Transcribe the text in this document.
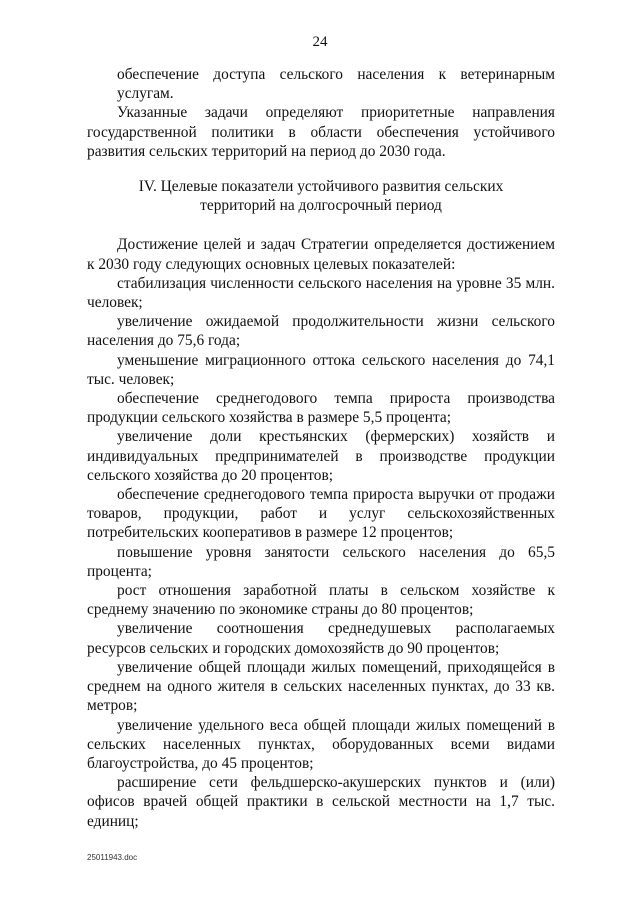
24

обеспечение доступа сельского населения к ветеринарным услугам.

Указанные задачи определяют приоритетные направления государственной политики в области обеспечения устойчивого развития сельских территорий на период до 2030 года.

IV. Целевые показатели устойчивого развития сельских
территорий на долгосрочный период

Достижение целей и задач Стратегии определяется достижением к 2030 году следующих основных целевых показателей:

стабилизация численности сельского населения на уровне 35 млн. человек;

увеличение ожидаемой продолжительности жизни сельского населения до 75,6 года;

уменьшение миграционного оттока сельского населения до 74,1 тыс. человек;

обеспечение среднегодового темпа прироста производства продукции сельского хозяйства в размере 5,5 процента;

увеличение доли крестьянских (фермерских) хозяйств и индивидуальных предпринимателей в производстве продукции сельского хозяйства до 20 процентов;

обеспечение среднегодового темпа прироста выручки от продажи товаров, продукции, работ и услуг сельскохозяйственных потребительских кооперативов в размере 12 процентов;

повышение уровня занятости сельского населения до 65,5 процента;

рост отношения заработной платы в сельском хозяйстве к среднему значению по экономике страны до 80 процентов;

увеличение соотношения среднедушевых располагаемых ресурсов сельских и городских домохозяйств до 90 процентов;

увеличение общей площади жилых помещений, приходящейся в среднем на одного жителя в сельских населенных пунктах, до 33 кв. метров;

увеличение удельного веса общей площади жилых помещений в сельских населенных пунктах, оборудованных всеми видами благоустройства, до 45 процентов;

расширение сети фельдшерско-акушерских пунктов и (или) офисов врачей общей практики в сельской местности на 1,7 тыс. единиц;

25011943.doc
